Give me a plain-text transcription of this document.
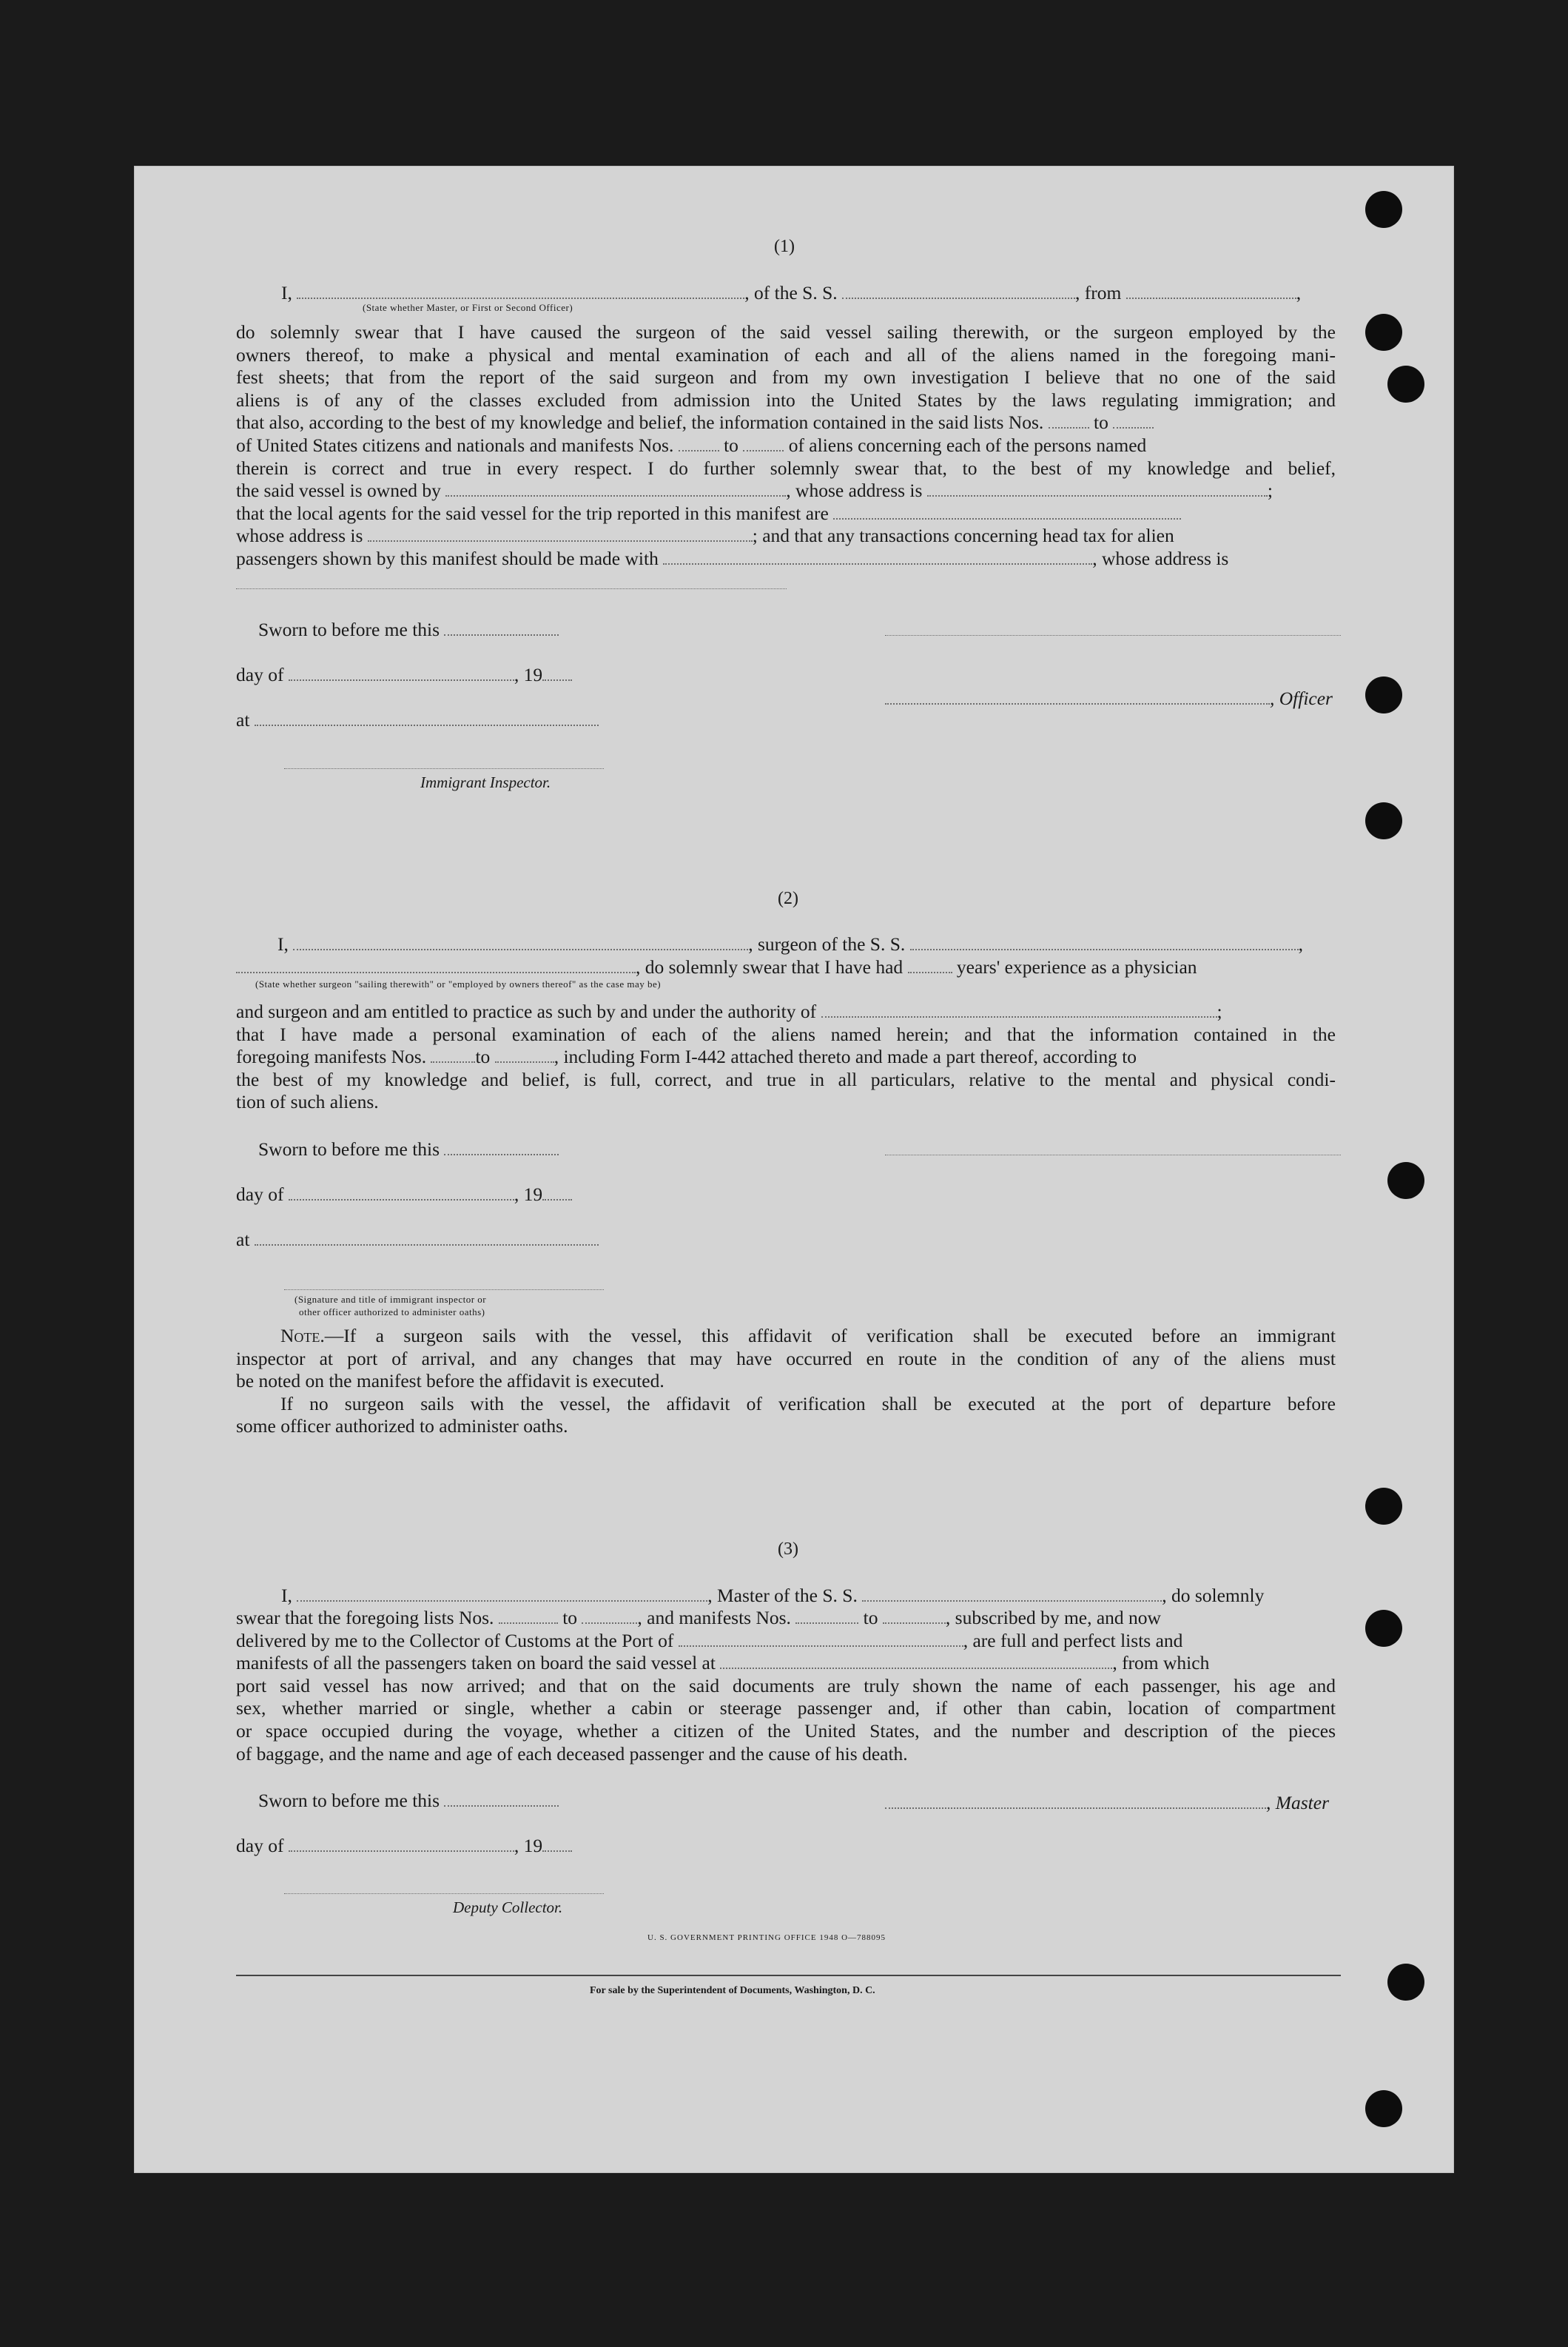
(1)
I,	, of the S. S.	, from	,
(State whether Master, or First or Second Officer)
do solemnly swear that I have caused the surgeon of the said vessel sailing therewith, or the surgeon employed by the
owners thereof, to make a physical and mental examination of each and all of the aliens named in the foregoing mani-
fest sheets; that from the report of the said surgeon and from my own investigation I believe that no one of the said
aliens is of any of the classes excluded from admission into the United States by the laws regulating immigration; and
that also, according to the best of my knowledge and belief, the information contained in the said lists Nos.	to
of United States citizens and nationals and manifests Nos.	to	of aliens concerning each of the persons named
therein is correct and true in every respect. I do further solemnly swear that, to the best of my knowledge and belief,
the said vessel is owned by	, whose address is	;
that the local agents for the said vessel for the trip reported in this manifest are
whose address is	; and that any transactions concerning head tax for alien
passengers shown by this manifest should be made with	, whose address is
Sworn to before me this
day of	, 19
, Officer
at
Immigrant Inspector.
(2)
I,	, surgeon of the S. S.	,
, do solemnly swear that I have had	years' experience as a physician
(State whether surgeon "sailing therewith" or "employed by owners thereof" as the case may be)
and surgeon and am entitled to practice as such by and under the authority of	;
that I have made a personal examination of each of the aliens named herein; and that the information contained in the
foregoing manifests Nos.	to	, including Form I-442 attached thereto and made a part thereof, according to
the best of my knowledge and belief, is full, correct, and true in all particulars, relative to the mental and physical condi-
tion of such aliens.
Sworn to before me this
day of	, 19
at
(Signature and title of immigrant inspector or
other officer authorized to administer oaths)
Note.—If a surgeon sails with the vessel, this affidavit of verification shall be executed before an immigrant
inspector at port of arrival, and any changes that may have occurred en route in the condition of any of the aliens must
be noted on the manifest before the affidavit is executed.
If no surgeon sails with the vessel, the affidavit of verification shall be executed at the port of departure before
some officer authorized to administer oaths.
(3)
I,	, Master of the S. S.	, do solemnly
swear that the foregoing lists Nos.	to	, and manifests Nos.	to	, subscribed by me, and now
delivered by me to the Collector of Customs at the Port of	, are full and perfect lists and
manifests of all the passengers taken on board the said vessel at	, from which
port said vessel has now arrived; and that on the said documents are truly shown the name of each passenger, his age and
sex, whether married or single, whether a cabin or steerage passenger and, if other than cabin, location of compartment
or space occupied during the voyage, whether a citizen of the United States, and the number and description of the pieces
of baggage, and the name and age of each deceased passenger and the cause of his death.
Sworn to before me this	, Master
day of	, 19
Deputy Collector.
U. S. GOVERNMENT PRINTING OFFICE 1948 O—788095
For sale by the Superintendent of Documents, Washington, D. C.
